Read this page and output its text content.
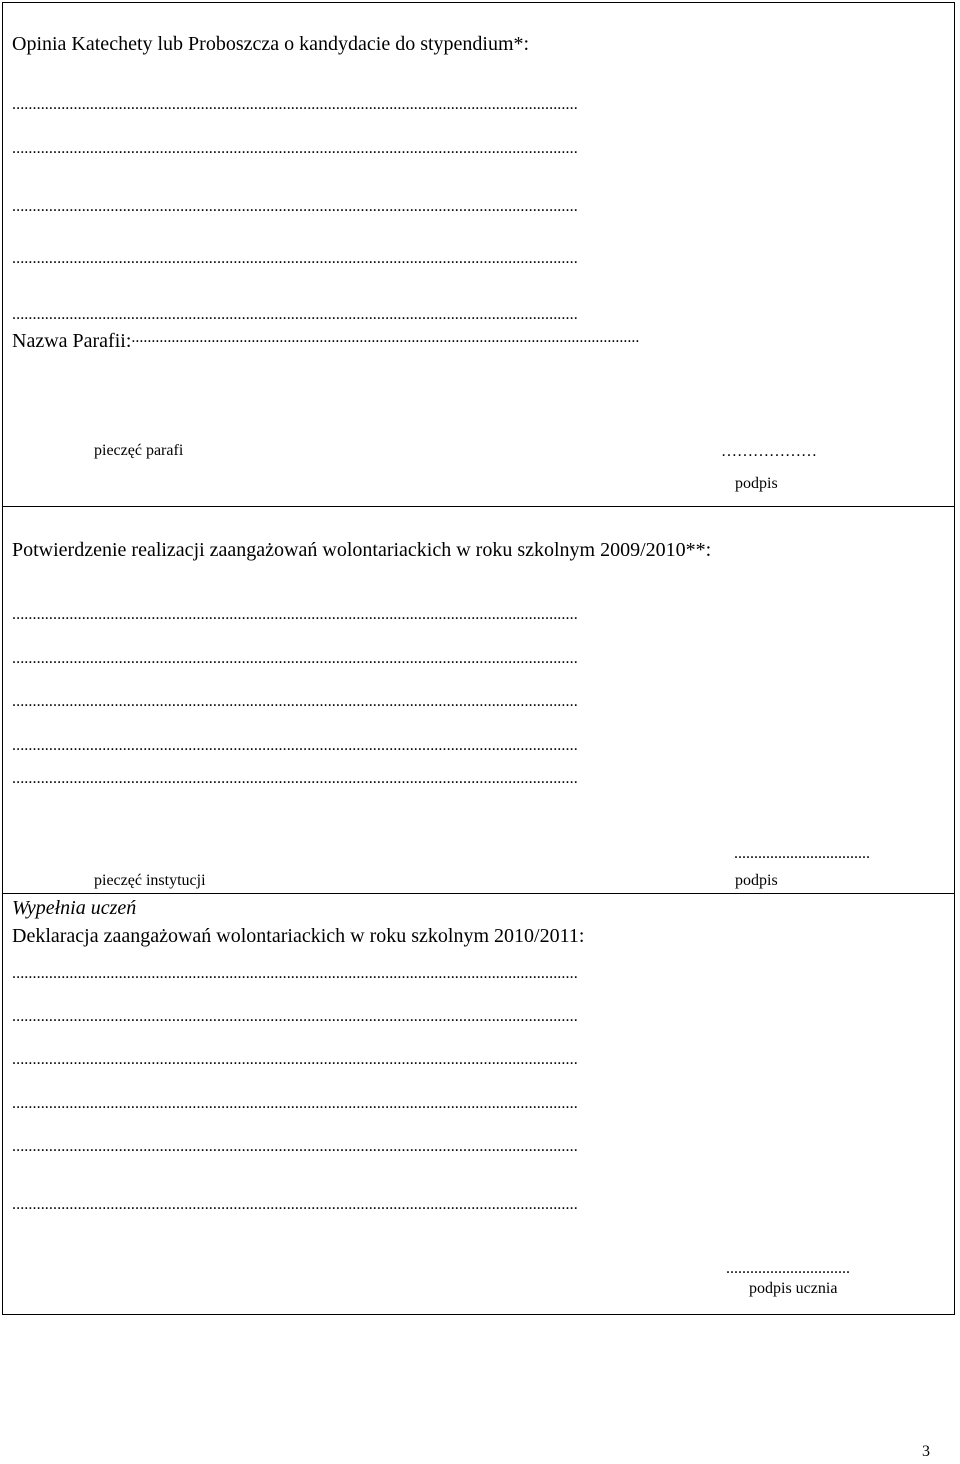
Opinia Katechety lub Proboszcza o kandydacie do stypendium*:
..........................................................................................................................................
..........................................................................................................................................
..........................................................................................................................................
..........................................................................................................................................
..........................................................................................................................................
Nazwa Parafii:...............................................................................................................................
pieczęć parafi	………………
podpis
Potwierdzenie realizacji zaangażowań wolontariackich w roku szkolnym 2009/2010**:
..........................................................................................................................................
..........................................................................................................................................
..........................................................................................................................................
..........................................................................................................................................
..........................................................................................................................................
..................................
pieczęć instytucji	podpis
Wypełnia uczeń
Deklaracja zaangażowań wolontariackich w roku szkolnym 2010/2011:
..........................................................................................................................................
..........................................................................................................................................
..........................................................................................................................................
..........................................................................................................................................
..........................................................................................................................................
..........................................................................................................................................
...............................
podpis ucznia
3
